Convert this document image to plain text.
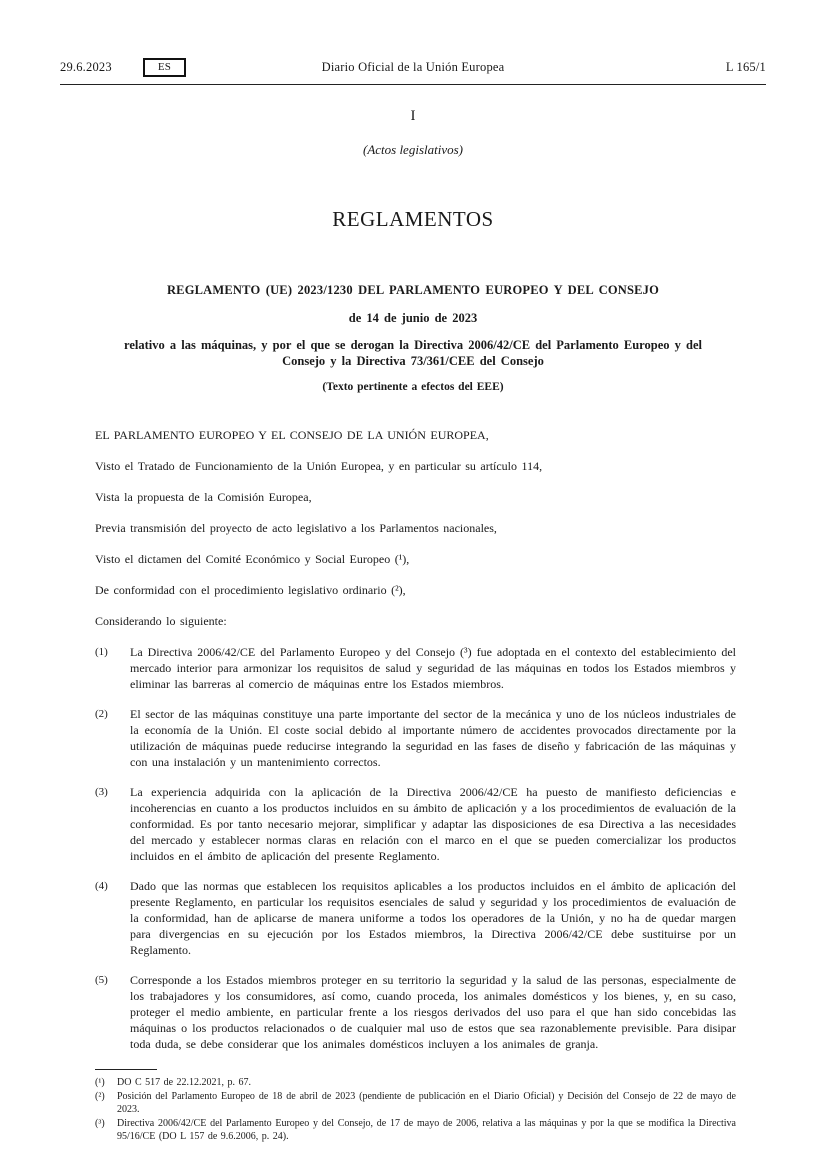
29.6.2023	ES	Diario Oficial de la Unión Europea	L 165/1
I
(Actos legislativos)
REGLAMENTOS
REGLAMENTO (UE) 2023/1230 DEL PARLAMENTO EUROPEO Y DEL CONSEJO
de 14 de junio de 2023
relativo a las máquinas, y por el que se derogan la Directiva 2006/42/CE del Parlamento Europeo y del Consejo y la Directiva 73/361/CEE del Consejo
(Texto pertinente a efectos del EEE)

EL PARLAMENTO EUROPEO Y EL CONSEJO DE LA UNIÓN EUROPEA,

Visto el Tratado de Funcionamiento de la Unión Europea, y en particular su artículo 114,

Vista la propuesta de la Comisión Europea,

Previa transmisión del proyecto de acto legislativo a los Parlamentos nacionales,

Visto el dictamen del Comité Económico y Social Europeo (¹),

De conformidad con el procedimiento legislativo ordinario (²),

Considerando lo siguiente:

(1)	La Directiva 2006/42/CE del Parlamento Europeo y del Consejo (³) fue adoptada en el contexto del establecimiento del mercado interior para armonizar los requisitos de salud y seguridad de las máquinas en todos los Estados miembros y eliminar las barreras al comercio de máquinas entre los Estados miembros.
(2)	El sector de las máquinas constituye una parte importante del sector de la mecánica y uno de los núcleos industriales de la economía de la Unión. El coste social debido al importante número de accidentes provocados directamente por la utilización de máquinas puede reducirse integrando la seguridad en las fases de diseño y fabricación de las máquinas y con una instalación y un mantenimiento correctos.
(3)	La experiencia adquirida con la aplicación de la Directiva 2006/42/CE ha puesto de manifiesto deficiencias e incoherencias en cuanto a los productos incluidos en su ámbito de aplicación y a los procedimientos de evaluación de la conformidad. Es por tanto necesario mejorar, simplificar y adaptar las disposiciones de esa Directiva a las necesidades del mercado y establecer normas claras en relación con el marco en el que se pueden comercializar los productos incluidos en el ámbito de aplicación del presente Reglamento.
(4)	Dado que las normas que establecen los requisitos aplicables a los productos incluidos en el ámbito de aplicación del presente Reglamento, en particular los requisitos esenciales de salud y seguridad y los procedimientos de evaluación de la conformidad, han de aplicarse de manera uniforme a todos los operadores de la Unión, y no ha de quedar margen para divergencias en su ejecución por los Estados miembros, la Directiva 2006/42/CE debe sustituirse por un Reglamento.
(5)	Corresponde a los Estados miembros proteger en su territorio la seguridad y la salud de las personas, especialmente de los trabajadores y los consumidores, así como, cuando proceda, los animales domésticos y los bienes, y, en su caso, proteger el medio ambiente, en particular frente a los riesgos derivados del uso para el que han sido concebidas las máquinas o los productos relacionados o de cualquier mal uso de estos que sea razonablemente previsible. Para disipar toda duda, se debe considerar que los animales domésticos incluyen a los animales de granja.
(¹)	DO C 517 de 22.12.2021, p. 67.
(²)	Posición del Parlamento Europeo de 18 de abril de 2023 (pendiente de publicación en el Diario Oficial) y Decisión del Consejo de 22 de mayo de 2023.
(³)	Directiva 2006/42/CE del Parlamento Europeo y del Consejo, de 17 de mayo de 2006, relativa a las máquinas y por la que se modifica la Directiva 95/16/CE (DO L 157 de 9.6.2006, p. 24).
